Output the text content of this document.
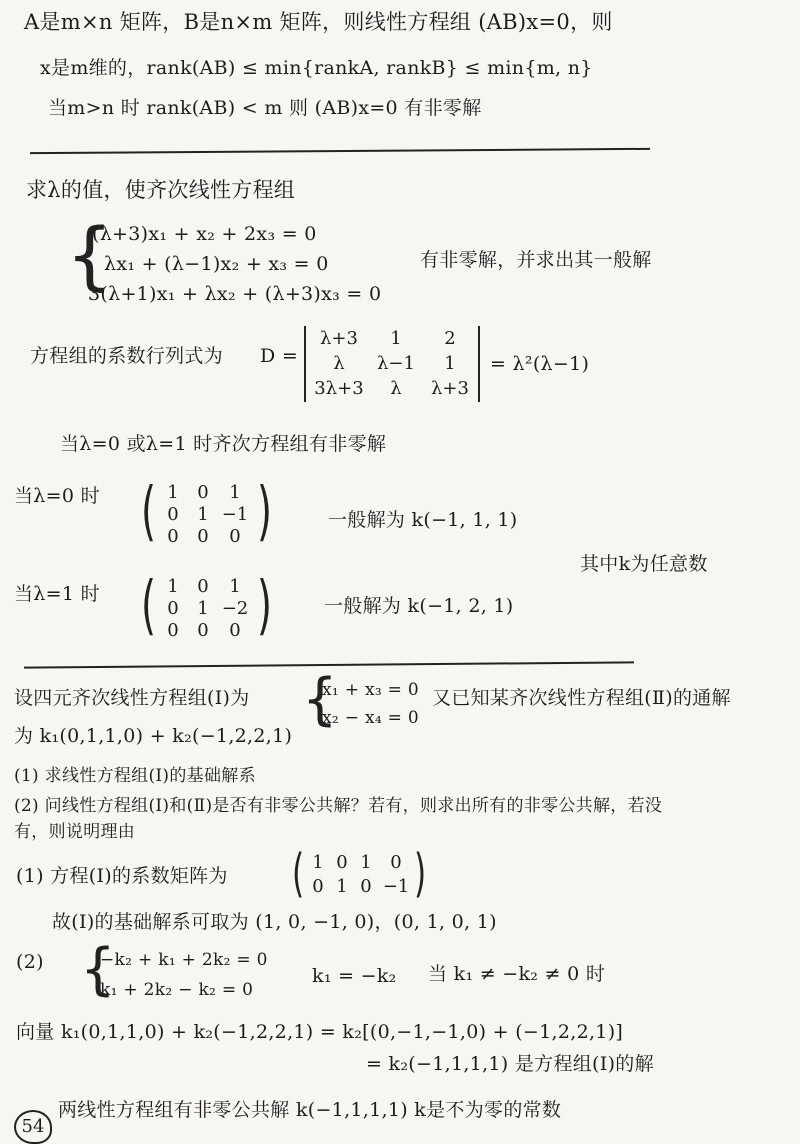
A是m×n 矩阵，B是n×m 矩阵，则线性方程组 (AB)x=0，则
x是m维的，rank(AB) ≤ min{rankA, rankB} ≤ min{m, n}
当m>n 时 rank(AB) < m 则 (AB)x=0 有非零解
求λ的值，使齐次线性方程组
{
(λ+3)x₁ + x₂ + 2x₃ = 0
λx₁ + (λ−1)x₂ + x₃ = 0
3(λ+1)x₁ + λx₂ + (λ+3)x₃ = 0
有非零解，并求出其一般解
方程组的系数行列式为 D =
λ+3	1	2
λ	λ−1	1
3λ+3	λ	λ+3
= λ²(λ−1)
当λ=0 或λ=1 时齐次方程组有非零解
当λ=0 时 ( 1	0	1
0	1 −1
0	0	0 )	一般解为 k(−1, 1, 1)
其中k为任意数
当λ=1 时 ( 1	0	1
0	1 −2
0	0	0 )	一般解为 k(−1, 2, 1)
设四元齐次线性方程组(Ⅰ)为 {
x₁ + x₃ = 0
x₂ − x₄ = 0
又已知某齐次线性方程组(Ⅱ)的通解
为 k₁(0,1,1,0) + k₂(−1,2,2,1)
(1) 求线性方程组(Ⅰ)的基础解系
(2) 问线性方程组(Ⅰ)和(Ⅱ)是否有非零公共解？若有，则求出所有的非零公共解，若没
有，则说明理由
(1) 方程(Ⅰ)的系数矩阵为 ( 1 0 1	0
0 1 0 −1 )
故(Ⅰ)的基础解系可取为 (1, 0, −1, 0)，(0, 1, 0, 1)
(2) {
−k₂ + k₁ + 2k₂ = 0
k₁ + 2k₂ − k₂ = 0
k₁ = −k₂ 当 k₁ ≠ −k₂ ≠ 0 时
向量 k₁(0,1,1,0) + k₂(−1,2,2,1) = k₂[(0,−1,−1,0) + (−1,2,2,1)]
= k₂(−1,1,1,1) 是方程组(Ⅰ)的解
两线性方程组有非零公共解 k(−1,1,1,1) k是不为零的常数
54
